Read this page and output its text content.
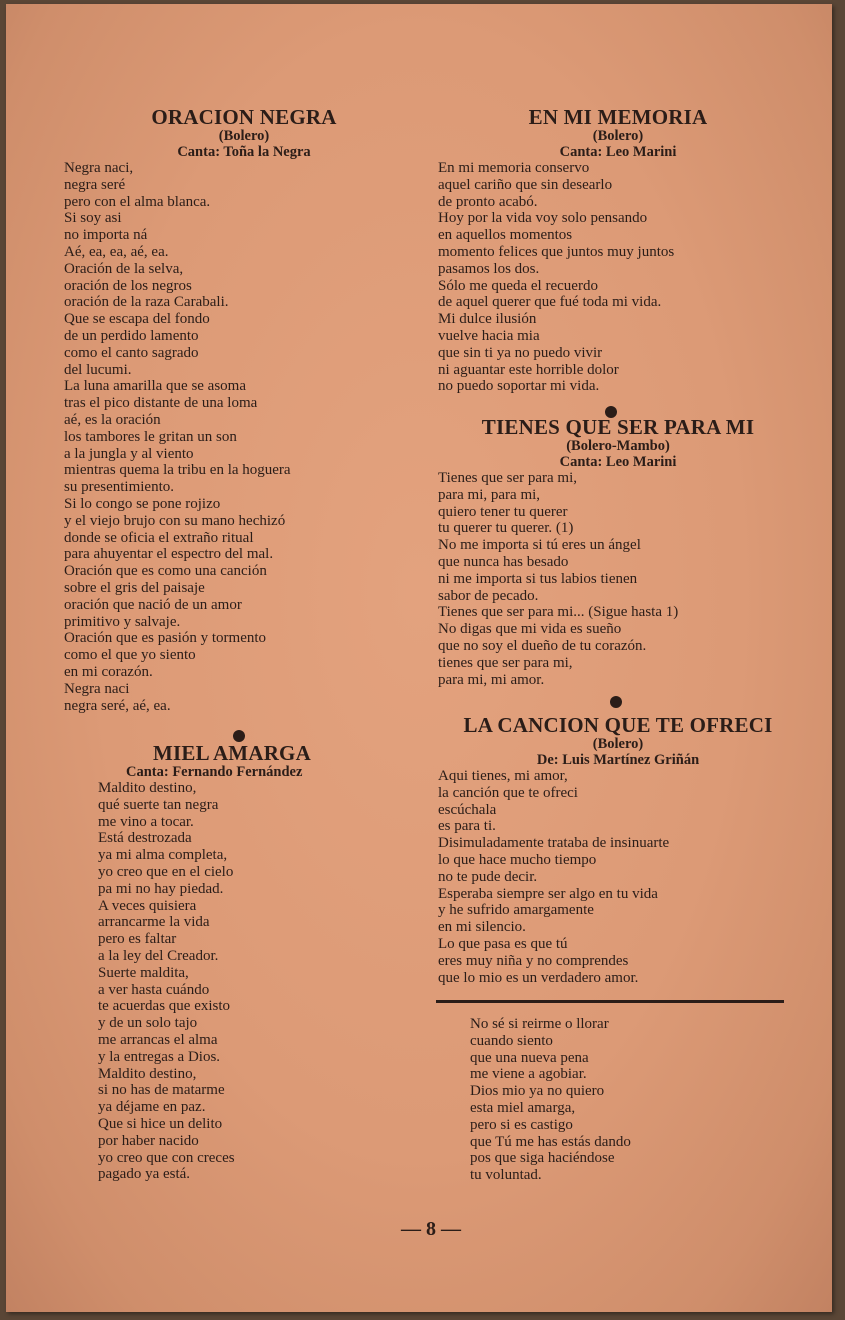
ORACION NEGRA
(Bolero)
Canta: Toña la Negra
Negra naci,
negra seré
pero con el alma blanca.
Si soy asi
no importa ná
Aé, ea, ea, aé, ea.
Oración de la selva,
oración de los negros
oración de la raza Carabali.
Que se escapa del fondo
de un perdido lamento
como el canto sagrado
del lucumi.
La luna amarilla que se asoma
tras el pico distante de una loma
aé, es la oración
los tambores le gritan un son
a la jungla y al viento
mientras quema la tribu en la hoguera
su presentimiento.
Si lo congo se pone rojizo
y el viejo brujo con su mano hechizó
donde se oficia el extraño ritual
para ahuyentar el espectro del mal.
Oración que es como una canción
sobre el gris del paisaje
oración que nació de un amor
primitivo y salvaje.
Oración que es pasión y tormento
como el que yo siento
en mi corazón.
Negra naci
negra seré, aé, ea.
MIEL AMARGA
Canta: Fernando Fernández
Maldito destino,
qué suerte tan negra
me vino a tocar.
Está destrozada
ya mi alma completa,
yo creo que en el cielo
pa mi no hay piedad.
A veces quisiera
arrancarme la vida
pero es faltar
a la ley del Creador.
Suerte maldita,
a ver hasta cuándo
te acuerdas que existo
y de un solo tajo
me arrancas el alma
y la entregas a Dios.
Maldito destino,
si no has de matarme
ya déjame en paz.
Que si hice un delito
por haber nacido
yo creo que con creces
pagado ya está.
EN MI MEMORIA
(Bolero)
Canta: Leo Marini
En mi memoria conservo
aquel cariño que sin desearlo
de pronto acabó.
Hoy por la vida voy solo pensando
en aquellos momentos
momento felices que juntos muy juntos
pasamos los dos.
Sólo me queda el recuerdo
de aquel querer que fué toda mi vida.
Mi dulce ilusión
vuelve hacia mia
que sin ti ya no puedo vivir
ni aguantar este horrible dolor
no puedo soportar mi vida.
TIENES QUE SER PARA MI
(Bolero-Mambo)
Canta: Leo Marini
Tienes que ser para mi,
para mi, para mi,
quiero tener tu querer
tu querer tu querer. (1)
No me importa si tú eres un ángel
que nunca has besado
ni me importa si tus labios tienen
sabor de pecado.
Tienes que ser para mi... (Sigue hasta 1)
No digas que mi vida es sueño
que no soy el dueño de tu corazón.
tienes que ser para mi,
para mi, mi amor.
LA CANCION QUE TE OFRECI
(Bolero)
De: Luis Martínez Griñán
Aqui tienes, mi amor,
la canción que te ofreci
escúchala
es para ti.
Disimuladamente trataba de insinuarte
lo que hace mucho tiempo
no te pude decir.
Esperaba siempre ser algo en tu vida
y he sufrido amargamente
en mi silencio.
Lo que pasa es que tú
eres muy niña y no comprendes
que lo mio es un verdadero amor.
No sé si reirme o llorar
cuando siento
que una nueva pena
me viene a agobiar.
Dios mio ya no quiero
esta miel amarga,
pero si es castigo
que Tú me has estás dando
pos que siga haciéndose
tu voluntad.
— 8 —
